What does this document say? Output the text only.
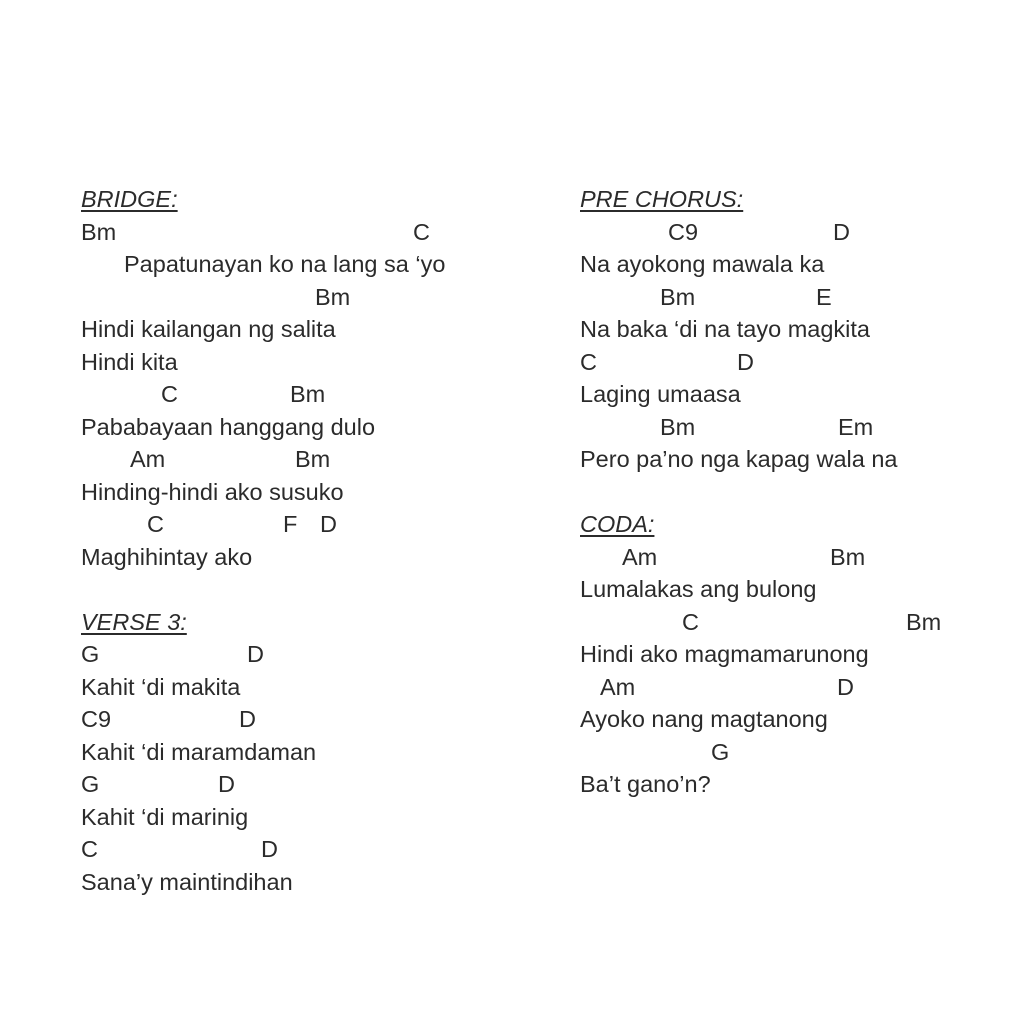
BRIDGE:
Bm	C
Papatunayan ko na lang sa ‘yo
Bm
Hindi kailangan ng salita
Hindi kita
C	Bm
Pababayaan hanggang dulo
Am	Bm
Hinding-hindi ako susuko
C	F D
Maghihintay ako
VERSE 3:
G	D
Kahit ‘di makita
C9	D
Kahit ‘di maramdaman
G	D
Kahit ‘di marinig
C	D
Sana’y maintindihan
PRE CHORUS:
C9	D
Na ayokong mawala ka
Bm	E
Na baka ‘di na tayo magkita
C	D
Laging umaasa
Bm	Em
Pero pa’no nga kapag wala na
CODA:
Am	Bm
Lumalakas ang bulong
C	Bm
Hindi ako magmamarunong
Am	D
Ayoko nang magtanong
G
Ba’t gano’n?
